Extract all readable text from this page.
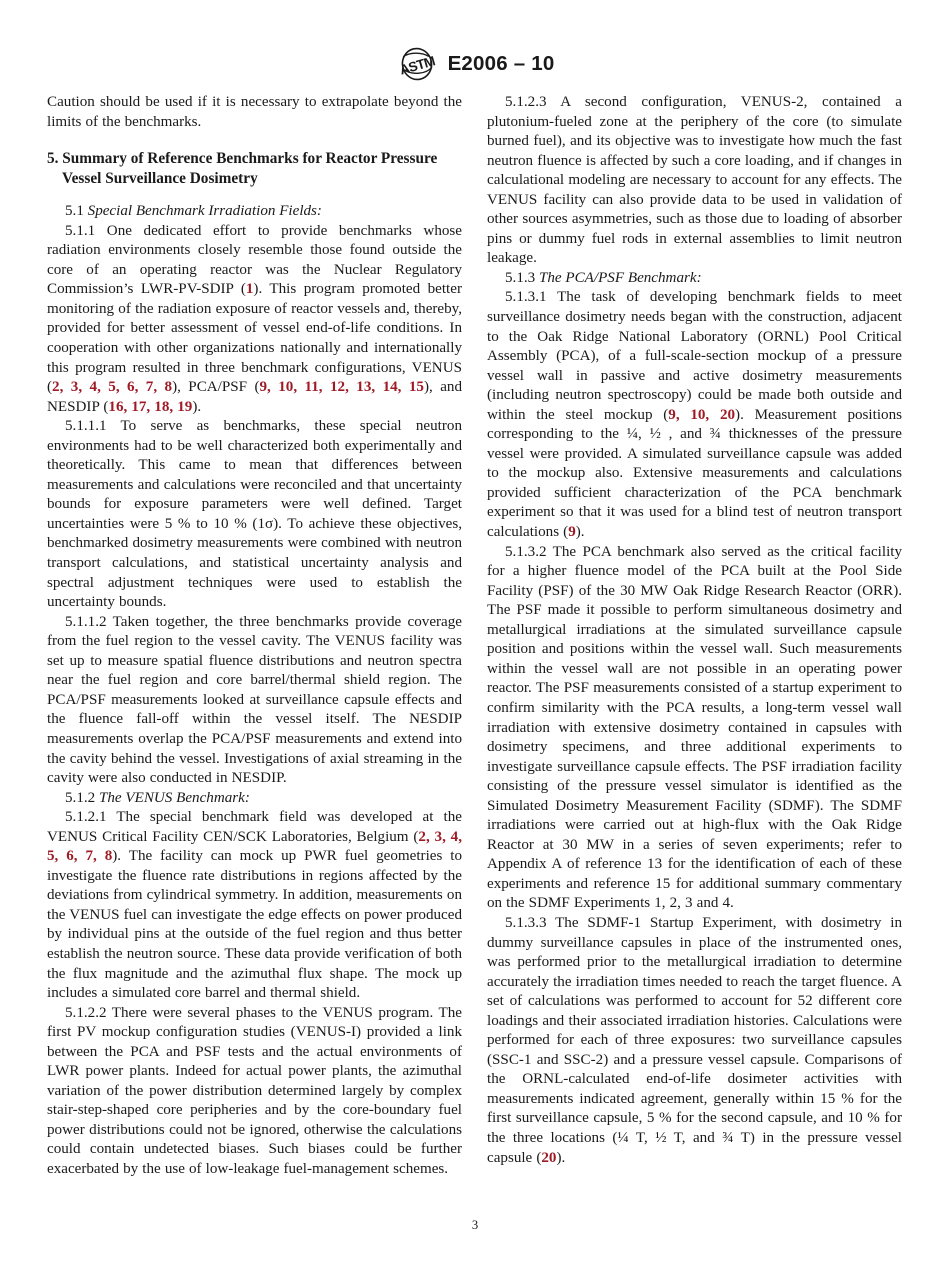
ASTM E2006 – 10

Caution should be used if it is necessary to extrapolate beyond the limits of the benchmarks.

5. Summary of Reference Benchmarks for Reactor Pressure Vessel Surveillance Dosimetry

5.1 Special Benchmark Irradiation Fields:

5.1.1 One dedicated effort to provide benchmarks whose radiation environments closely resemble those found outside the core of an operating reactor was the Nuclear Regulatory Commission’s LWR-PV-SDIP (1). This program promoted better monitoring of the radiation exposure of reactor vessels and, thereby, provided for better assessment of vessel end-of-life conditions. In cooperation with other organizations nationally and internationally this program resulted in three benchmark configurations, VENUS (2, 3, 4, 5, 6, 7, 8), PCA/PSF (9, 10, 11, 12, 13, 14, 15), and NESDIP (16, 17, 18, 19).

5.1.1.1 To serve as benchmarks, these special neutron environments had to be well characterized both experimentally and theoretically. This came to mean that differences between measurements and calculations were reconciled and that uncertainty bounds for exposure parameters were well defined. Target uncertainties were 5 % to 10 % (1σ). To achieve these objectives, benchmarked dosimetry measurements were combined with neutron transport calculations, and statistical uncertainty analysis and spectral adjustment techniques were used to establish the uncertainty bounds.

5.1.1.2 Taken together, the three benchmarks provide coverage from the fuel region to the vessel cavity. The VENUS facility was set up to measure spatial fluence distributions and neutron spectra near the fuel region and core barrel/thermal shield region. The PCA/PSF measurements looked at surveillance capsule effects and the fluence fall-off within the vessel itself. The NESDIP measurements overlap the PCA/PSF measurements and extend into the cavity behind the vessel. Investigations of axial streaming in the cavity were also conducted in NESDIP.

5.1.2 The VENUS Benchmark:

5.1.2.1 The special benchmark field was developed at the VENUS Critical Facility CEN/SCK Laboratories, Belgium (2, 3, 4, 5, 6, 7, 8). The facility can mock up PWR fuel geometries to investigate the fluence rate distributions in regions affected by the deviations from cylindrical symmetry. In addition, measurements on the VENUS fuel can investigate the edge effects on power produced by individual pins at the outside of the fuel region and thus better establish the neutron source. These data provide verification of both the flux magnitude and the azimuthal flux shape. The mock up includes a simulated core barrel and thermal shield.

5.1.2.2 There were several phases to the VENUS program. The first PV mockup configuration studies (VENUS-I) provided a link between the PCA and PSF tests and the actual environments of LWR power plants. Indeed for actual power plants, the azimuthal variation of the power distribution determined largely by complex stair-step-shaped core peripheries and by the core-boundary fuel power distributions could not be ignored, otherwise the calculations could contain undetected biases. Such biases could be further exacerbated by the use of low-leakage fuel-management schemes.

5.1.2.3 A second configuration, VENUS-2, contained a plutonium-fueled zone at the periphery of the core (to simulate burned fuel), and its objective was to investigate how much the fast neutron fluence is affected by such a core loading, and if changes in calculational modeling are necessary to account for any effects. The VENUS facility can also provide data to be used in validation of other sources asymmetries, such as those due to loading of absorber pins or dummy fuel rods in external assemblies to limit neutron leakage.

5.1.3 The PCA/PSF Benchmark:

5.1.3.1 The task of developing benchmark fields to meet surveillance dosimetry needs began with the construction, adjacent to the Oak Ridge National Laboratory (ORNL) Pool Critical Assembly (PCA), of a full-scale-section mockup of a pressure vessel wall in passive and active dosimetry measurements (including neutron spectroscopy) could be made both outside and within the steel mockup (9, 10, 20). Measurement positions corresponding to the ¼, ½ , and ¾ thicknesses of the pressure vessel were provided. A simulated surveillance capsule was added to the mockup also. Extensive measurements and calculations provided sufficient characterization of the PCA benchmark experiment so that it was used for a blind test of neutron transport calculations (9).

5.1.3.2 The PCA benchmark also served as the critical facility for a higher fluence model of the PCA built at the Pool Side Facility (PSF) of the 30 MW Oak Ridge Research Reactor (ORR). The PSF made it possible to perform simultaneous dosimetry and metallurgical irradiations at the simulated surveillance capsule position and positions within the vessel wall. Such measurements within the vessel wall are not possible in an operating power reactor. The PSF measurements consisted of a startup experiment to confirm similarity with the PCA results, a long-term vessel wall irradiation with extensive dosimetry contained in capsules with dosimetry specimens, and three additional experiments to investigate surveillance capsule effects. The PSF irradiation facility consisting of the pressure vessel simulator is identified as the Simulated Dosimetry Measurement Facility (SDMF). The SDMF irradiations were carried out at high-flux with the Oak Ridge Reactor at 30 MW in a series of seven experiments; refer to Appendix A of reference 13 for the identification of each of these experiments and reference 15 for additional summary commentary on the SDMF Experiments 1, 2, 3 and 4.

5.1.3.3 The SDMF-1 Startup Experiment, with dosimetry in dummy surveillance capsules in place of the instrumented ones, was performed prior to the metallurgical irradiation to determine accurately the irradiation times needed to reach the target fluence. A set of calculations was performed to account for 52 different core loadings and their associated irradiation histories. Calculations were performed for each of three exposures: two surveillance capsules (SSC-1 and SSC-2) and a pressure vessel capsule. Comparisons of the ORNL-calculated end-of-life dosimeter activities with measurements indicated agreement, generally within 15 % for the first surveillance capsule, 5 % for the second capsule, and 10 % for the three locations (¼ T, ½ T, and ¾ T) in the pressure vessel capsule (20).

3
